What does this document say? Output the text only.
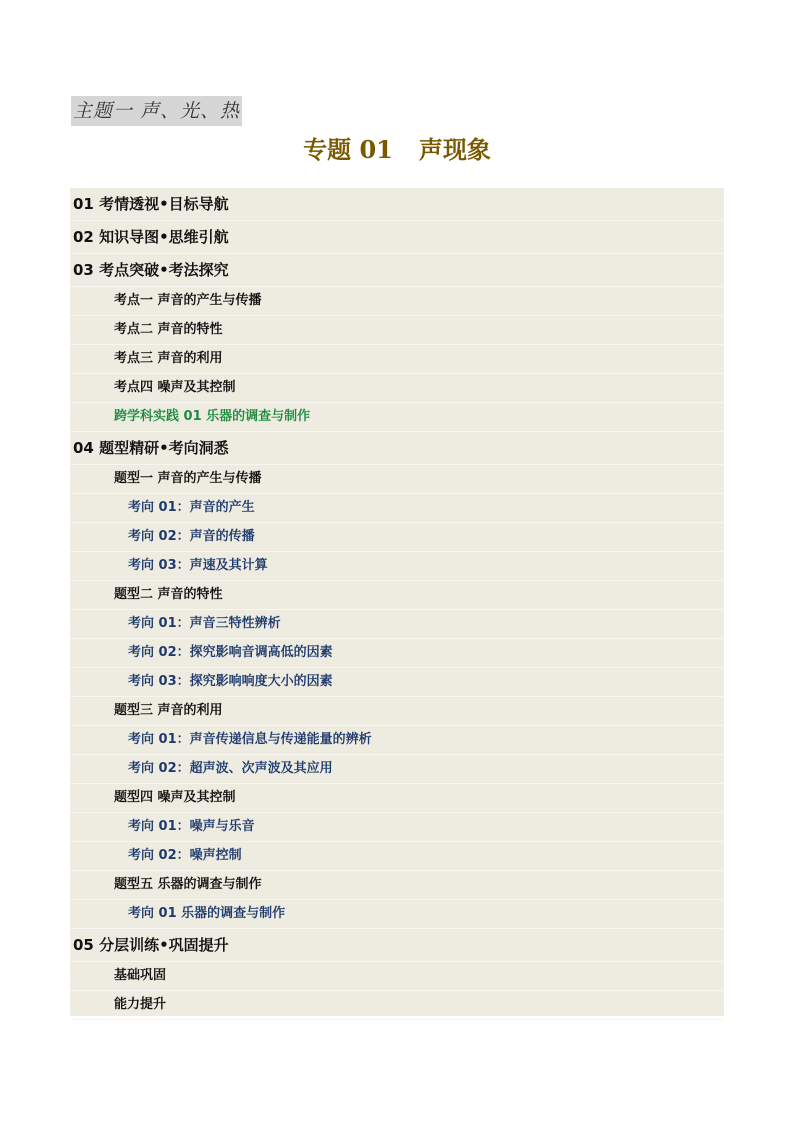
主题一 声、光、热
专题 01 声现象
01 考情透视•目标导航
02 知识导图•思维引航
03 考点突破•考法探究
考点一 声音的产生与传播
考点二 声音的特性
考点三 声音的利用
考点四 噪声及其控制
跨学科实践 01 乐器的调查与制作
04 题型精研•考向洞悉
题型一 声音的产生与传播
考向 01：声音的产生
考向 02：声音的传播
考向 03：声速及其计算
题型二 声音的特性
考向 01：声音三特性辨析
考向 02：探究影响音调高低的因素
考向 03：探究影响响度大小的因素
题型三 声音的利用
考向 01：声音传递信息与传递能量的辨析
考向 02：超声波、次声波及其应用
题型四 噪声及其控制
考向 01：噪声与乐音
考向 02：噪声控制
题型五 乐器的调查与制作
考向 01 乐器的调查与制作
05 分层训练•巩固提升
基础巩固
能力提升
